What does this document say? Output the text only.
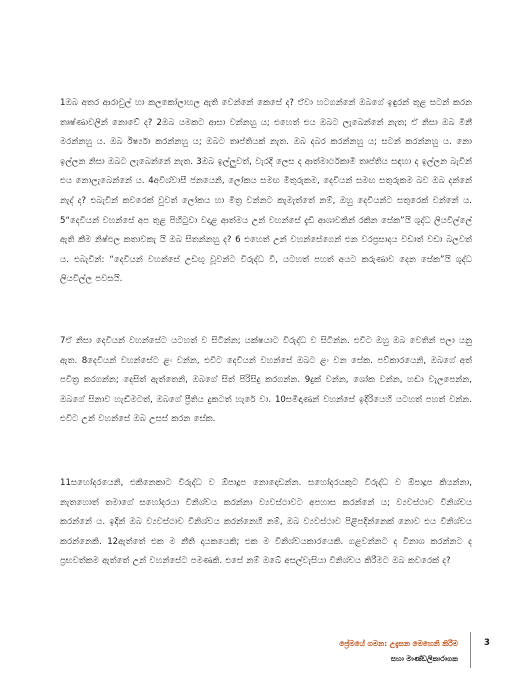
1ඔබ අතර ආරාවුල් හා කලකෝලාහල ඇති වෙන්නේ කෙසේ ද? ඒවා හටගන්නේ ඔබගේ ඉඳුරන් තුළ සටන් කරන තෘෂ්ණාවලින් නොවේ ද? 2ඔබ යමකට ආසා වන්නහු ය; එහෙත් එය ඔබට ලැබෙන්නේ නැත; ඒ නිසා ඔබ මිනී මරන්නහු ය. ඔබ ඊර්ෂ්‍යා කරන්නහු ය; ඔබට තෘප්තියක් නැත. ඔබ දබර කරන්නහු ය; සටන් කරන්නහු ය. නො ඉල්ලන නිසා ඔබට ලැබෙන්නේ නැත. 3ඔබ ඉල්ලුවත්, වැරදි ලෙස ද ආත්මාර්ථකාමී තෘප්තිය සඳහා ද ඉල්ලන බැවින් එය නොලැබෙන්නේ ය. 4අවිශ්වාසී ජනයෙනි, ලෝකය සමඟ මිතුරුකම, දෙවියන් සමඟ සතුරුකම බව ඔබ දන්නේ නැද් ද? එබැවින් කවරෙක් වුවත් ලෝකය හා මිත්‍ර වන්නට කැමැත්තේ නම්, ඔහු දෙවියන්ට සතුරෙක් වන්නේ ය. 5“දෙවියන් වහන්සේ අප තුළ පිහිටුවා වදාළ ආත්මය උන් වහන්සේ දැඩි ආශාවකින් රකින සේක”යි ශුද්ධ ලියවිල්ලේ ඇති කීම නිෂ්ඵල කතාවකැ යි ඔබ සිතන්නහු ද? 6 එහෙත් උන් වහන්සේගෙන් එන වරප්‍රසාදය වඩාත් වඩා බලවත් ය. එබැවින්: “දෙවියන් වහන්සේ උඩඟු වූවන්ට විරුද්ධ වී, යටහත් පහත් අයට කරුණාව දෙන සේක”යි ශුද්ධ ලියවිල්ල පවසයි.

7ඒ නිසා දෙවියන් වහන්සේට යටහත් ව සිටින්න; යක්ෂයාට විරුද්ධ ව සිටින්න. එවිට ඔහු ඔබ වෙතින් පලා යනු ඇත. 8දෙවියන් වහන්සේට ළං වන්න, එවිට දෙවියන් වහන්සේ ඔබට ළං වන සේක. පව්කාරයෙනි, ඔබගේ අත් පවිත්‍ර කරගන්න; දෙසිත් ඇත්තෙනි, ඔබගේ සිත් පිරිසිදු කරගන්න. 9දුක් වන්න, ශෝක වන්න, හඬා වැලපෙන්න, ඔබගේ සිනාව හැඬීමටත්, ඔබගේ ප්‍රීතිය දුකටත් හැරේ වා. 10සමිඳාණන් වහන්සේ ඉදිරියෙහි යටහත් පහත් වන්න. එවිට උන් වහන්සේ ඔබ උසස් කරන සේක.

11සහෝදරයෙනි, එකිනෙකාට විරුද්ධ ව ඕපාදූප නොදොඩන්න. සහෝදරයකුට විරුද්ධ ව ඕපාදූප කියන්නා, නැතහොත් තමාගේ සහෝදරයා විනිශ්චය කරන්නා ව්‍යවස්ථාවට අපහාස කරන්නේ ය; ව්‍යවස්ථාව විනිශ්චය කරන්නේ ය. ඉදින් ඔබ ව්‍යවස්ථාව විනිශ්චය කරන්නෙහි නම්, ඔබ ව්‍යවස්ථාව පිළිපදින්නෙක් නොව එය විනිශ්චය කරන්නෙකි. 12ඇත්තේ එක ම නීති දායකයෙකි; එක ම විනිශ්චයකාරයෙකි. ගළවන්නට ද විනාශ කරන්නට ද ප්‍රභවත්කම ඇත්තේ උන් වහන්සේට පමණකි. එසේ නම් ඔබේ අසල්වැසියා විනිශ්චය කිරීමට ඔබ කවරෙක් ද?

ප්‍රේමයේ ගමන: උදැසන මෙහෙනි කිරීම
සහා මාණ්ඩලිකාරාගක
3
